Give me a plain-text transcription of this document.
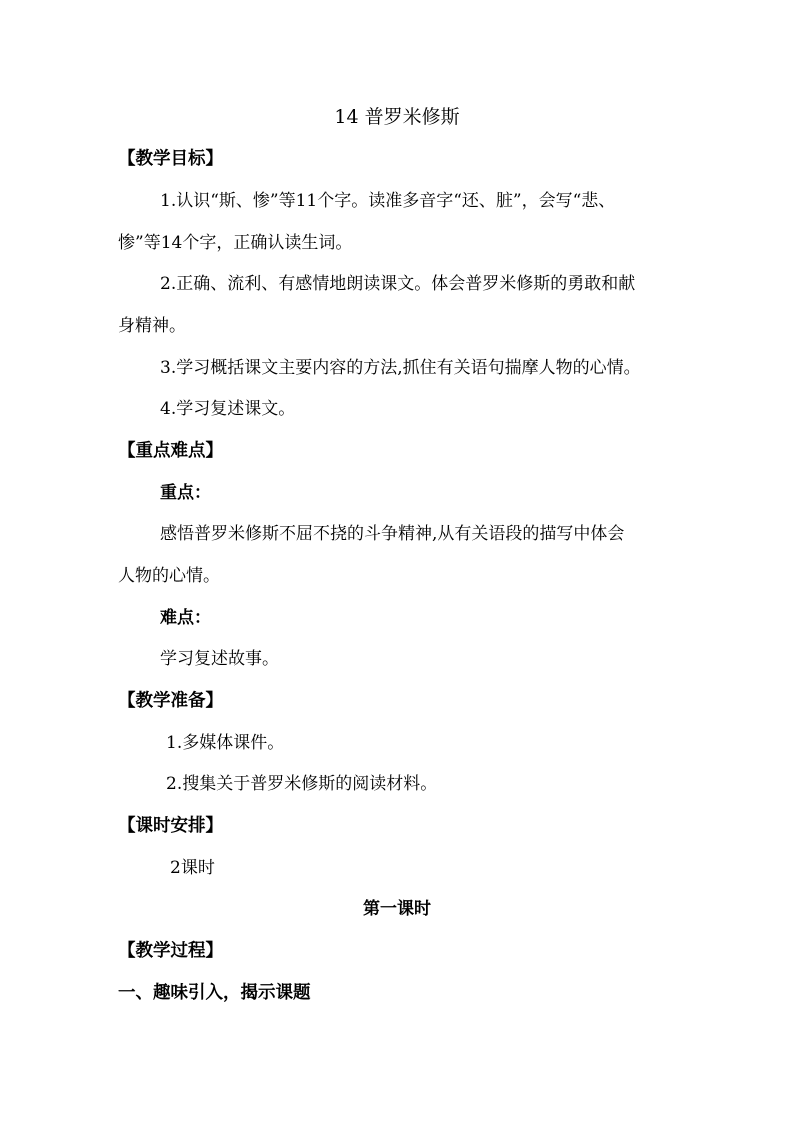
14 普罗米修斯
【教学目标】
1.认识“斯、惨”等11个字。读准多音字“还、脏”，会写“悲、
惨”等14个字，正确认读生词。
2.正确、流利、有感情地朗读课文。体会普罗米修斯的勇敢和献
身精神。
3.学习概括课文主要内容的方法,抓住有关语句揣摩人物的心情。
4.学习复述课文。
【重点难点】
重点：
感悟普罗米修斯不屈不挠的斗争精神,从有关语段的描写中体会
人物的心情。
难点：
学习复述故事。
【教学准备】
1.多媒体课件。
2.搜集关于普罗米修斯的阅读材料。
【课时安排】
2课时
第一课时
【教学过程】
一、趣味引入，揭示课题
